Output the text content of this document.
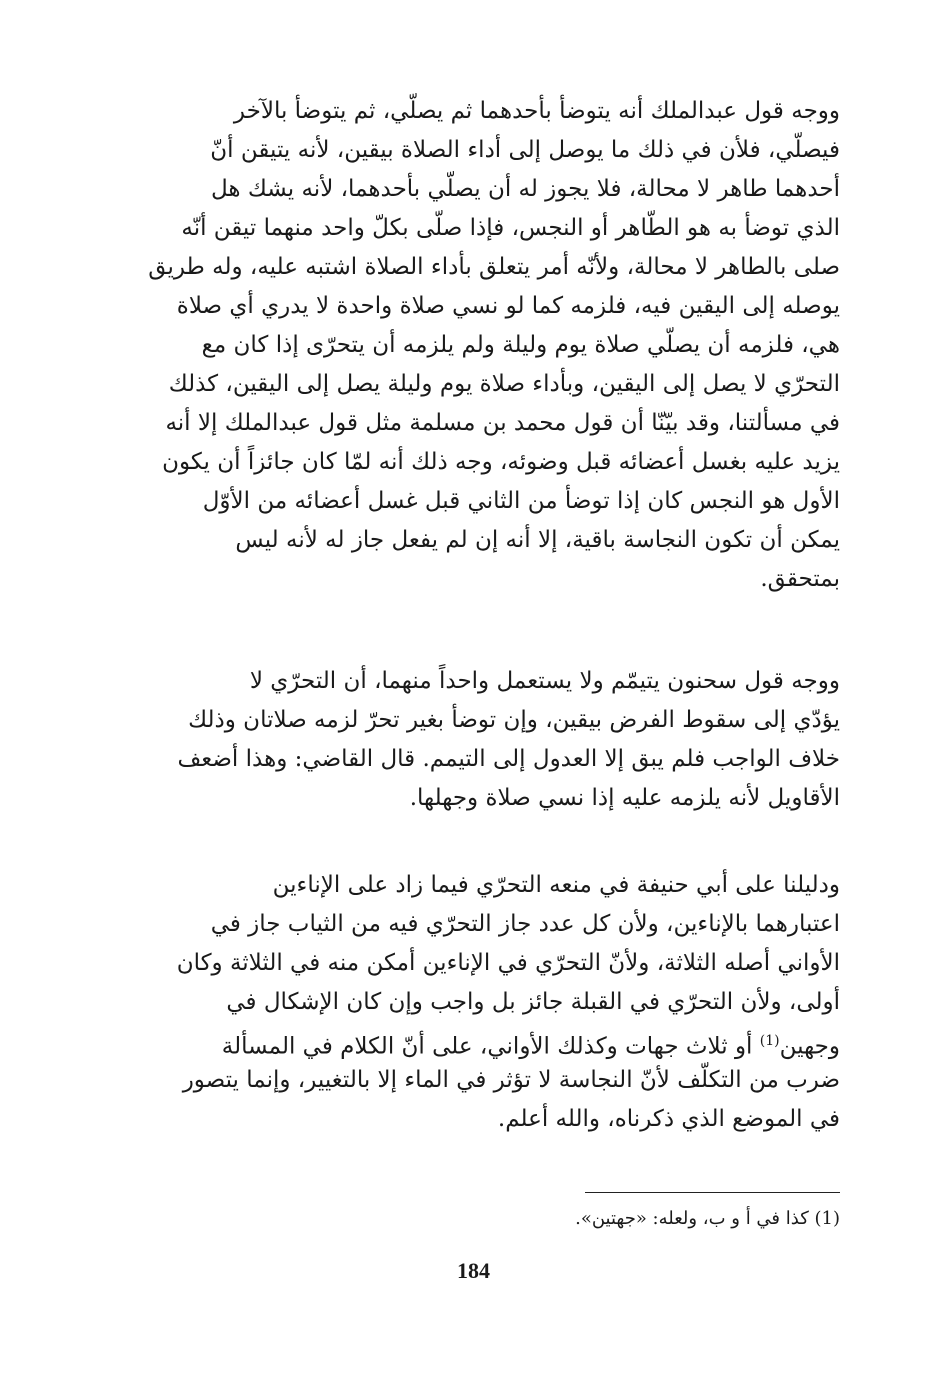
ووجه قول عبدالملك أنه يتوضأ بأحدهما ثم يصلّي، ثم يتوضأ بالآخر
فيصلّي، فلأن في ذلك ما يوصل إلى أداء الصلاة بيقين، لأنه يتيقن أنّ
أحدهما طاهر لا محالة، فلا يجوز له أن يصلّي بأحدهما، لأنه يشك هل
الذي توضأ به هو الطّاهر أو النجس، فإذا صلّى بكلّ واحد منهما تيقن أنّه
صلى بالطاهر لا محالة، ولأنّه أمر يتعلق بأداء الصلاة اشتبه عليه، وله طريق
يوصله إلى اليقين فيه، فلزمه كما لو نسي صلاة واحدة لا يدري أي صلاة
هي، فلزمه أن يصلّي صلاة يوم وليلة ولم يلزمه أن يتحرّى إذا كان مع
التحرّي لا يصل إلى اليقين، وبأداء صلاة يوم وليلة يصل إلى اليقين، كذلك
في مسألتنا، وقد بيّنّا أن قول محمد بن مسلمة مثل قول عبدالملك إلا أنه
يزيد عليه بغسل أعضائه قبل وضوئه، وجه ذلك أنه لمّا كان جائزاً أن يكون
الأول هو النجس كان إذا توضأ من الثاني قبل غسل أعضائه من الأوّل
يمكن أن تكون النجاسة باقية، إلا أنه إن لم يفعل جاز له لأنه ليس
بمتحقق.
ووجه قول سحنون يتيمّم ولا يستعمل واحداً منهما، أن التحرّي لا
يؤدّي إلى سقوط الفرض بيقين، وإن توضأ بغير تحرّ لزمه صلاتان وذلك
خلاف الواجب فلم يبق إلا العدول إلى التيمم. قال القاضي: وهذا أضعف
الأقاويل لأنه يلزمه عليه إذا نسي صلاة وجهلها.
ودليلنا على أبي حنيفة في منعه التحرّي فيما زاد على الإناءين
اعتبارهما بالإناءين، ولأن كل عدد جاز التحرّي فيه من الثياب جاز في
الأواني أصله الثلاثة، ولأنّ التحرّي في الإناءين أمكن منه في الثلاثة وكان
أولى، ولأن التحرّي في القبلة جائز بل واجب وإن كان الإشكال في
وجهين$^{(1)}$ أو ثلاث جهات وكذلك الأواني، على أنّ الكلام في المسألة
ضرب من التكلّف لأنّ النجاسة لا تؤثر في الماء إلا بالتغيير، وإنما يتصور
في الموضع الذي ذكرناه، والله أعلم.
(1) كذا في أ و ب، ولعله: «جهتين».
184
